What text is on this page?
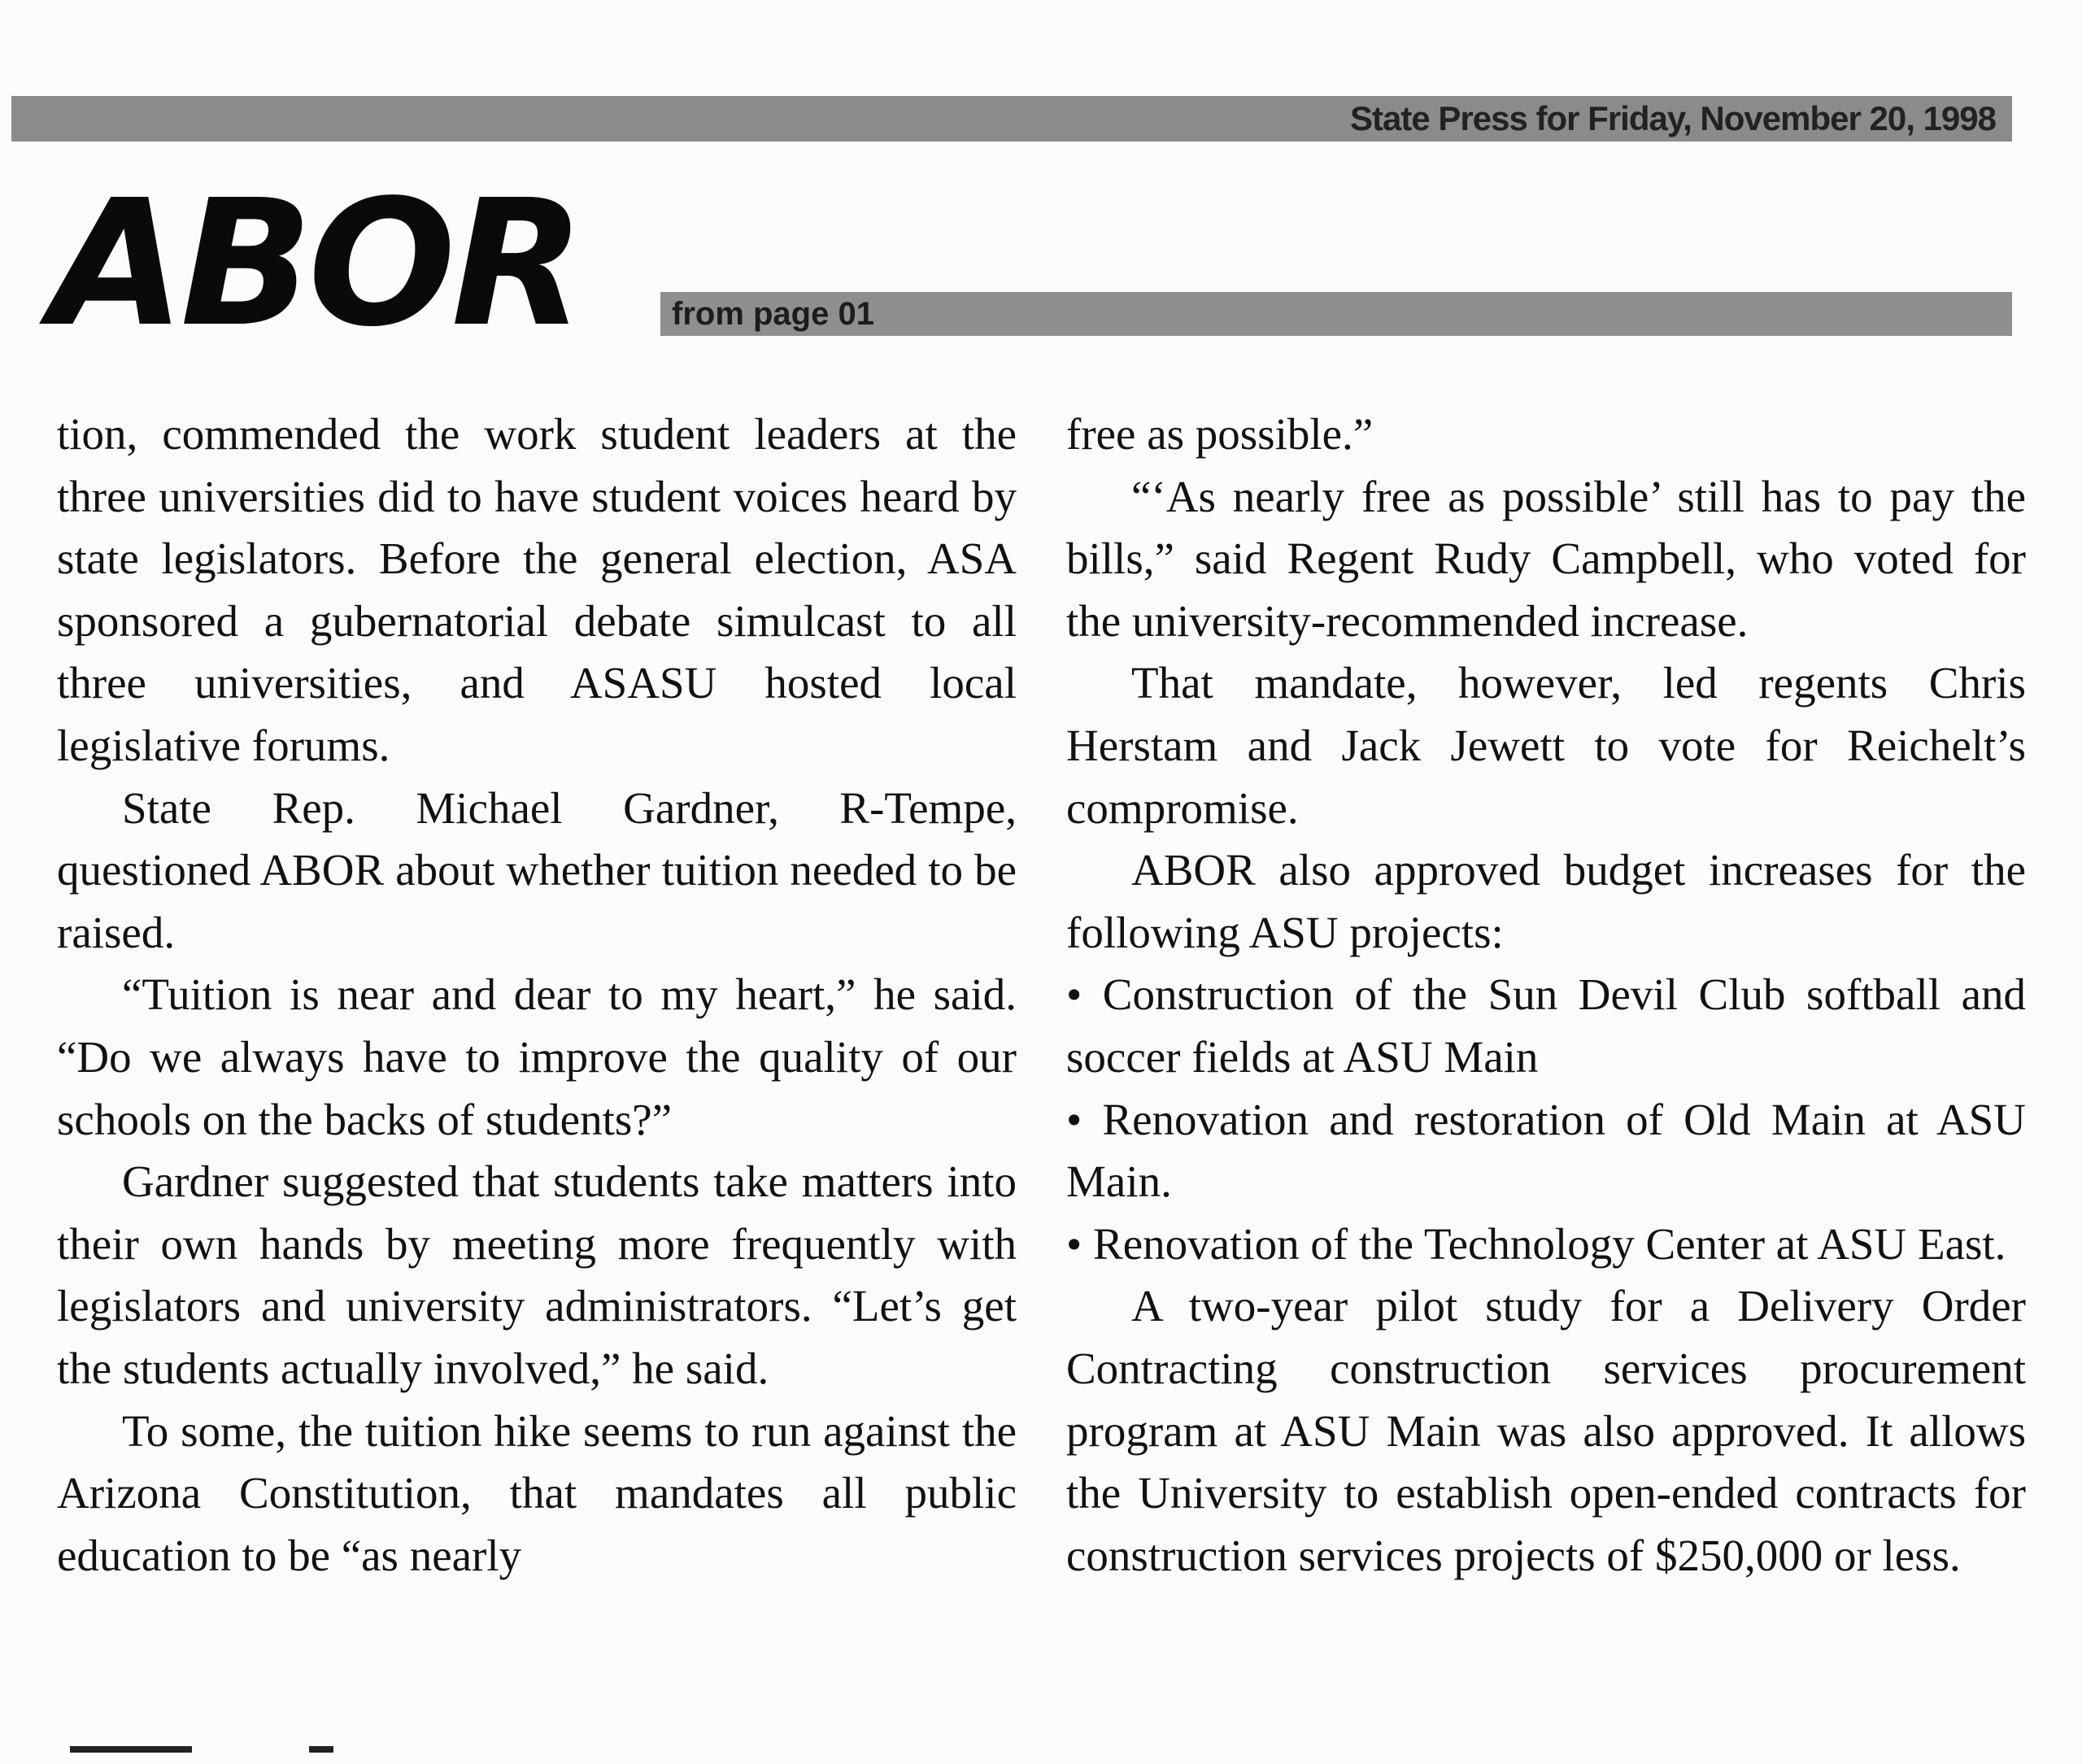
State Press for Friday, November 20, 1998
ABOR	from page 01

tion, commended the work student leaders at the three universities did to have student voices heard by state legislators. Before the general election, ASA sponsored a gubernatorial debate simulcast to all three universities, and ASASU hosted local legislative forums.

State Rep. Michael Gardner, R-Tempe, questioned ABOR about whether tuition needed to be raised.

“Tuition is near and dear to my heart,” he said. “Do we always have to improve the quality of our schools on the backs of students?”

Gardner suggested that students take matters into their own hands by meeting more frequently with legislators and university administrators. “Let’s get the students actually involved,” he said.

To some, the tuition hike seems to run against the Arizona Constitution, that mandates all public education to be “as nearly

free as possible.”

“‘As nearly free as possible’ still has to pay the bills,” said Regent Rudy Campbell, who voted for the university-recommended increase.

That mandate, however, led regents Chris Herstam and Jack Jewett to vote for Reichelt’s compromise.

ABOR also approved budget increases for the following ASU projects:

• Construction of the Sun Devil Club softball and soccer fields at ASU Main

• Renovation and restoration of Old Main at ASU Main.

• Renovation of the Technology Center at ASU East.

A two-year pilot study for a Delivery Order Contracting construction services procurement program at ASU Main was also approved. It allows the University to establish open-ended contracts for construction services projects of $250,000 or less.
